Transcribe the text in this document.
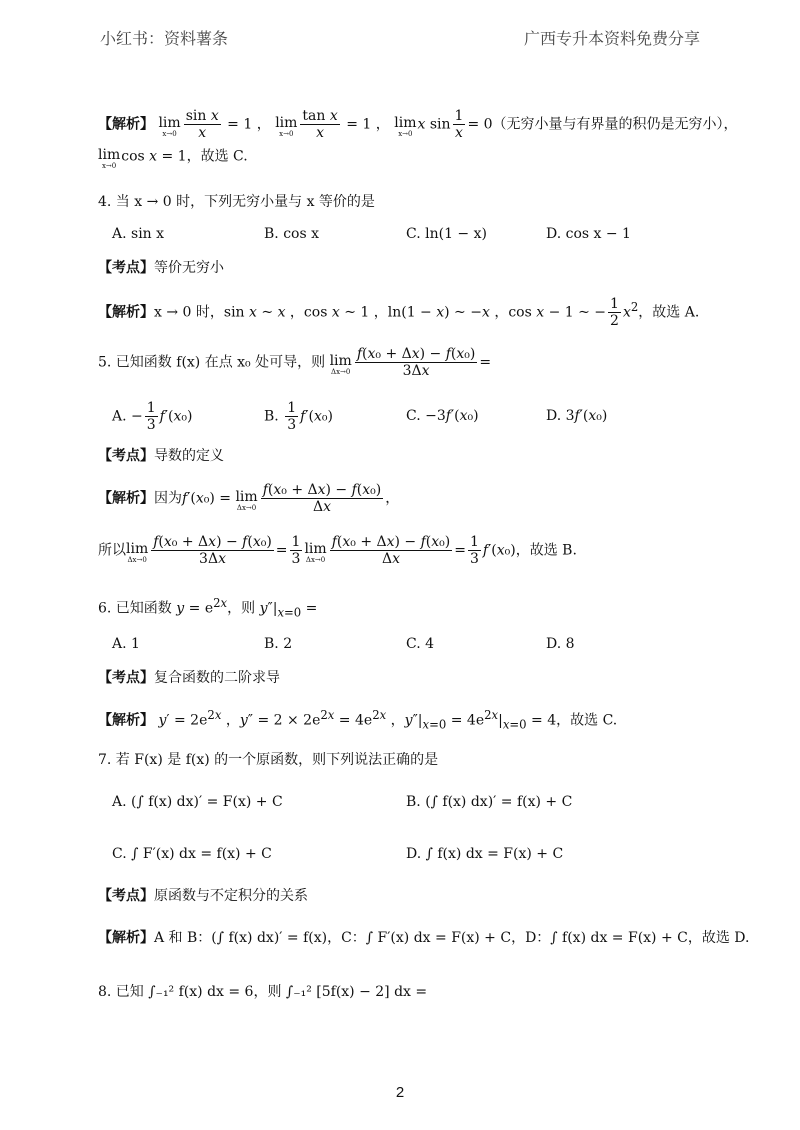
小红书：资料薯条	广西专升本资料免费分享
【解析】 lim
$x\to 0 \frac{\text{sin x}}{x} = 1$ ， lim
$x\to 0 \frac{\text{tan x}}{x} = 1$ ， lim
x→0
x $\sin \frac{1}{x} = 0$（无穷小量与有界量的积仍是无穷小），
lim
x→0
cos x = 1，故选 C.
4. 当 x → 0 时，下列无穷小量与 x 等价的是
A. sin x	B. cos x	C. ln(1 − x)	D. cos x − 1
【考点】等价无穷小
【解析】x → 0 时，sin x ~ x ，cos x ~ 1 ，ln(1 − x) ~ −x ，cos x − 1 ~ − $\frac{1}{2} x^2$，故选 A.
5. 已知函数 f(x) 在点 x₀ 处可导，则 lim
$\Delta x\to 0 \frac{\text{f(x₀ + Δx) − f(x₀)}}{3\Delta x}$ =
A. − $\frac{1}{3} f'(x_0)$	B. $\frac{1}{3} f'(x_0)$	C. −3f′(x₀)	D. 3f′(x₀)
【考点】导数的定义
【解析】因为f′(x₀) = lim
$\Delta x\to 0 \frac{\text{f(x₀ + Δx) − f(x₀)}}{\Delta x}$ ，
所以 lim
$\Delta x\to 0 \frac{\text{f(x₀ + Δx) − f(x₀)}}{3\Delta x} = \frac{1}{3}$ lim
$\Delta x\to 0 \frac{\text{f(x₀ + Δx) − f(x₀)}}{\Delta x} = \frac{1}{3} f'(x_0)$，故选 B.
6. 已知函数 $y = e^{2x}$，则 $y''|_{x=0}$ =
A. 1	B. 2	C. 4	D. 8
【考点】复合函数的二阶求导
【解析】 $y' = 2e^{2x}$ ，$y'' = 2 \times 2e^{2x} = 4e^{2x}$ ，$y''|_{x=0} = 4e^{2x}|_{x=0} = 4$，故选 C.
7. 若 F(x) 是 f(x) 的一个原函数，则下列说法正确的是
A. (∫ f(x) dx)′ = F(x) + C	B. (∫ f(x) dx)′ = f(x) + C
C. ∫ F′(x) dx = f(x) + C	D. ∫ f(x) dx = F(x) + C
【考点】原函数与不定积分的关系
【解析】A 和 B：(∫ f(x) dx)′ = f(x)，C：∫ F′(x) dx = F(x) + C，D：∫ f(x) dx = F(x) + C，故选 D.
8. 已知 ∫₋₁² f(x) dx = 6，则 ∫₋₁² [5f(x) − 2] dx =
2
